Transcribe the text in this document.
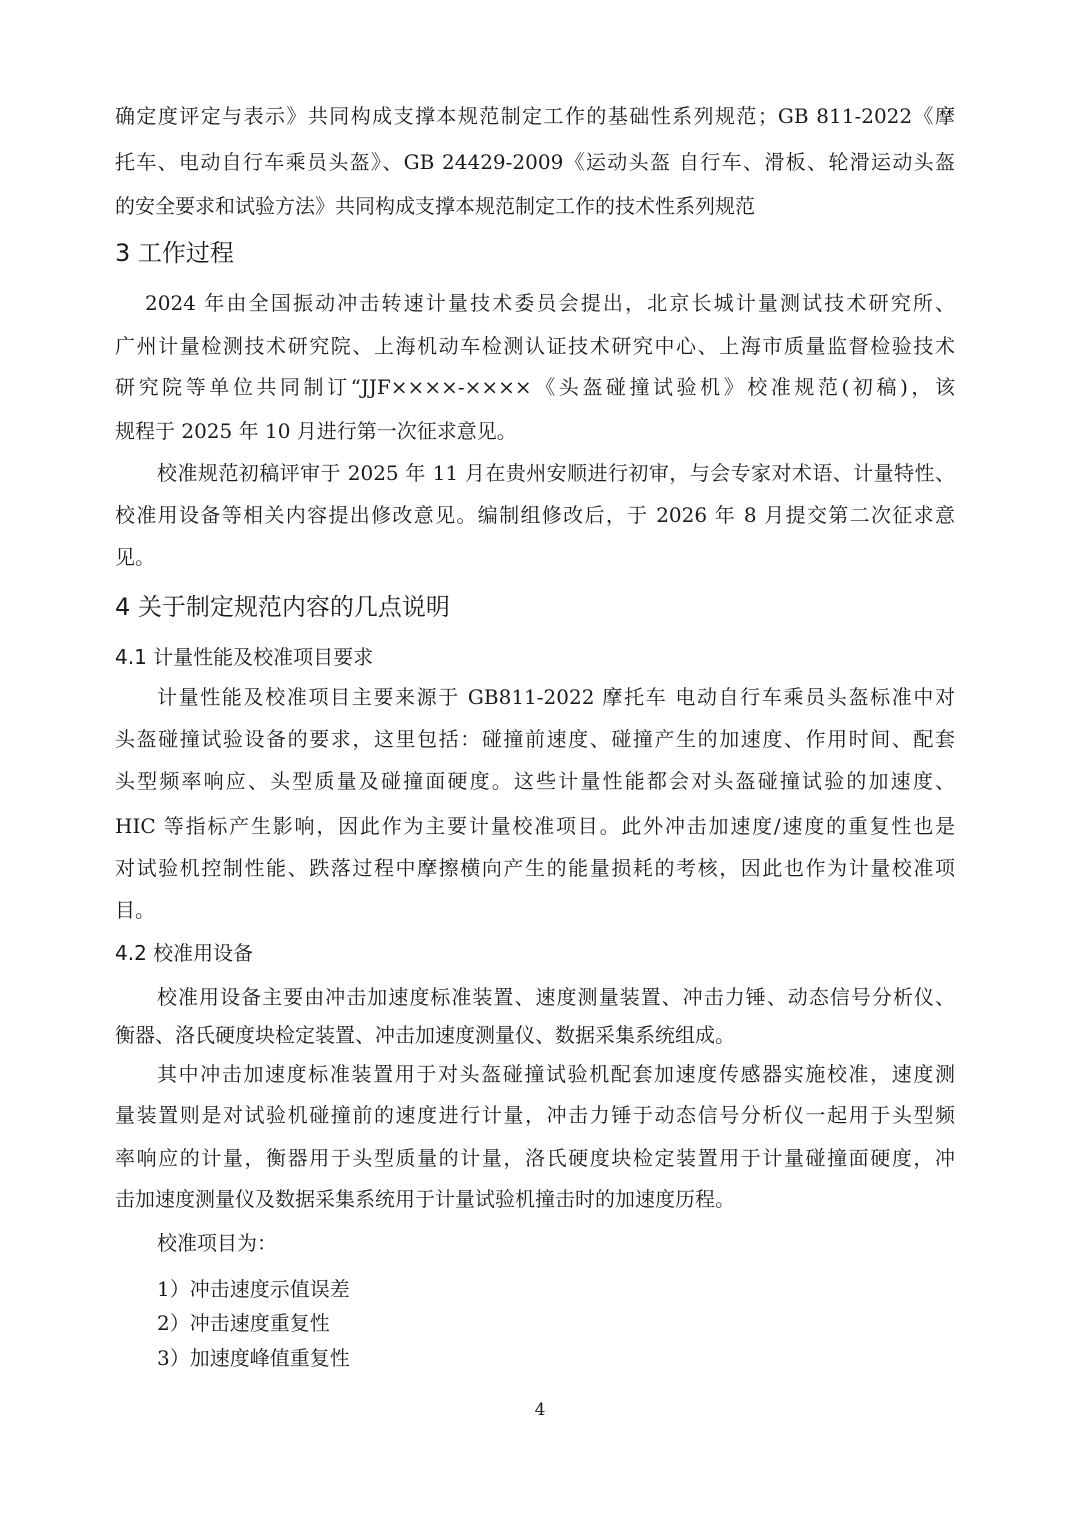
确定度评定与表示》共同构成支撑本规范制定工作的基础性系列规范；GB 811-2022《摩
托车、电动自行车乘员头盔》、GB 24429-2009《运动头盔 自行车、滑板、轮滑运动头盔
的安全要求和试验方法》共同构成支撑本规范制定工作的技术性系列规范
3 工作过程
2024 年由全国振动冲击转速计量技术委员会提出，北京长城计量测试技术研究所、
广州计量检测技术研究院、上海机动车检测认证技术研究中心、上海市质量监督检验技术
研究院等单位共同制订“JJF××××-××××《头盔碰撞试验机》校准规范(初稿)，该
规程于 2025 年 10 月进行第一次征求意见。
校准规范初稿评审于 2025 年 11 月在贵州安顺进行初审，与会专家对术语、计量特性、
校准用设备等相关内容提出修改意见。编制组修改后，于 2026 年 8 月提交第二次征求意
见。
4 关于制定规范内容的几点说明
4.1 计量性能及校准项目要求
计量性能及校准项目主要来源于 GB811-2022 摩托车 电动自行车乘员头盔标准中对
头盔碰撞试验设备的要求，这里包括：碰撞前速度、碰撞产生的加速度、作用时间、配套
头型频率响应、头型质量及碰撞面硬度。这些计量性能都会对头盔碰撞试验的加速度、
HIC 等指标产生影响，因此作为主要计量校准项目。此外冲击加速度/速度的重复性也是
对试验机控制性能、跌落过程中摩擦横向产生的能量损耗的考核，因此也作为计量校准项
目。
4.2 校准用设备
校准用设备主要由冲击加速度标准装置、速度测量装置、冲击力锤、动态信号分析仪、
衡器、洛氏硬度块检定装置、冲击加速度测量仪、数据采集系统组成。
其中冲击加速度标准装置用于对头盔碰撞试验机配套加速度传感器实施校准，速度测
量装置则是对试验机碰撞前的速度进行计量，冲击力锤于动态信号分析仪一起用于头型频
率响应的计量，衡器用于头型质量的计量，洛氏硬度块检定装置用于计量碰撞面硬度，冲
击加速度测量仪及数据采集系统用于计量试验机撞击时的加速度历程。
校准项目为：
1）冲击速度示值误差
2）冲击速度重复性
3）加速度峰值重复性
4
